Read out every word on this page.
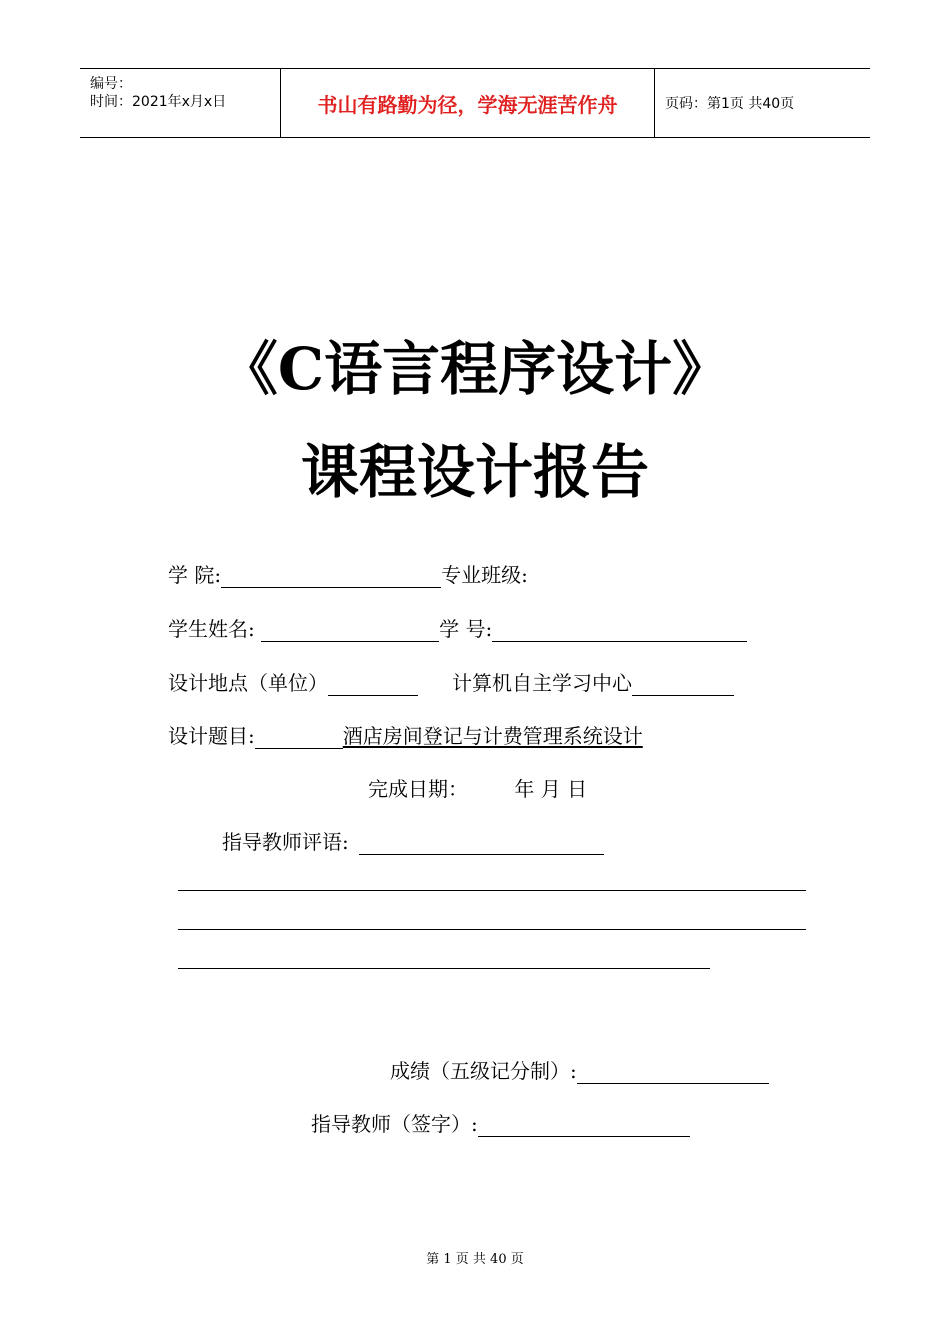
编号：
时间：2021年x月x日	书山有路勤为径，学海无涯苦作舟	页码：第1页 共40页
《C语言程序设计》
课程设计报告
学 院:	专业班级:
学生姓名:	学 号:
设计地点（单位）	计算机自主学习中心
设计题目:	酒店房间登记与计费管理系统设计
完成日期： 年 月 日
指导教师评语:
成绩（五级记分制）:
指导教师（签字）:
第 1 页 共 40 页
